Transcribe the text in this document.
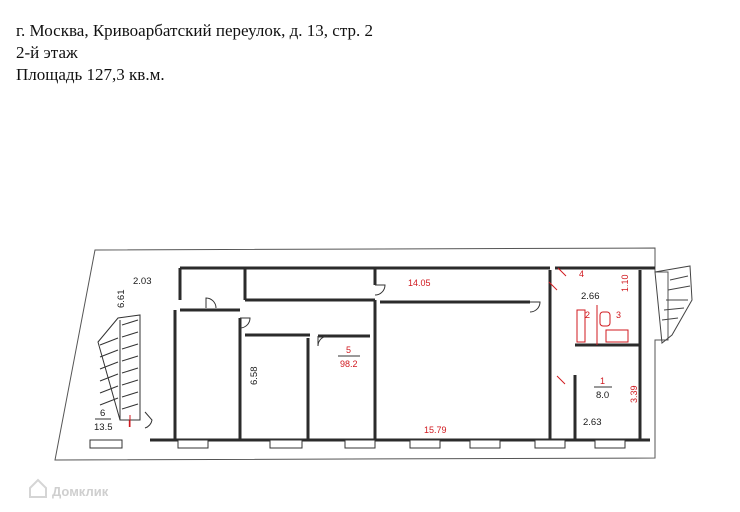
г. Москва, Кривоарбатский переулок, д. 13, стр. 2
2-й этаж
Площадь 127,3 кв.м.
2.03
6.61
6
13.5 I
14.05
4
2.66
1.10
2	3
1
8.0 3.39
2.63
5
98.2
15.79
6.58
Домклик
